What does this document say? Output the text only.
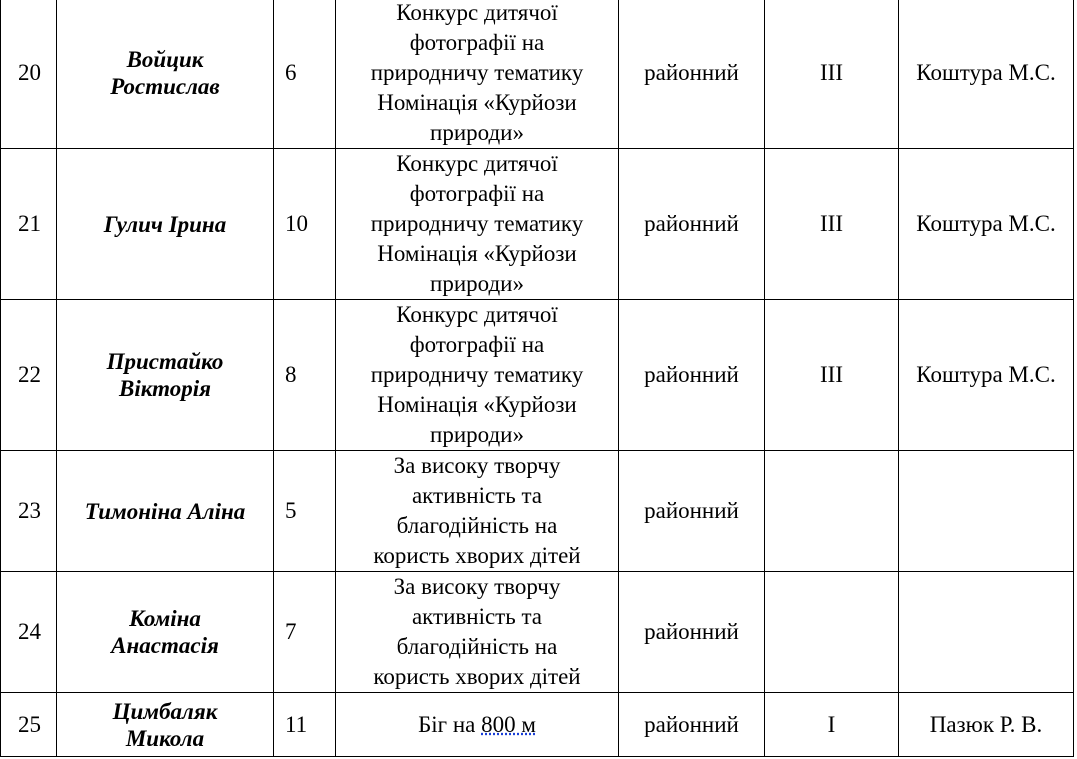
20	Войцик Ростислав	6	Конкурс дитячої фотографії на природничу тематику Номінація «Курйози природи»	районний	ІІІ	Коштура М.С.
21	Гулич Ірина	10	Конкурс дитячої фотографії на природничу тематику Номінація «Курйози природи»	районний	ІІІ	Коштура М.С.
22	Пристайко Вікторія	8	Конкурс дитячої фотографії на природничу тематику Номінація «Курйози природи»	районний	ІІІ	Коштура М.С.
23	Тимоніна Аліна	5	За високу творчу активність та благодійність на користь хворих дітей	районний		
24	Коміна Анастасія	7	За високу творчу активність та благодійність на користь хворих дітей	районний		
25	Цимбаляк Микола	11	Біг на 800 м	районний	І	Пазюк Р. В.
